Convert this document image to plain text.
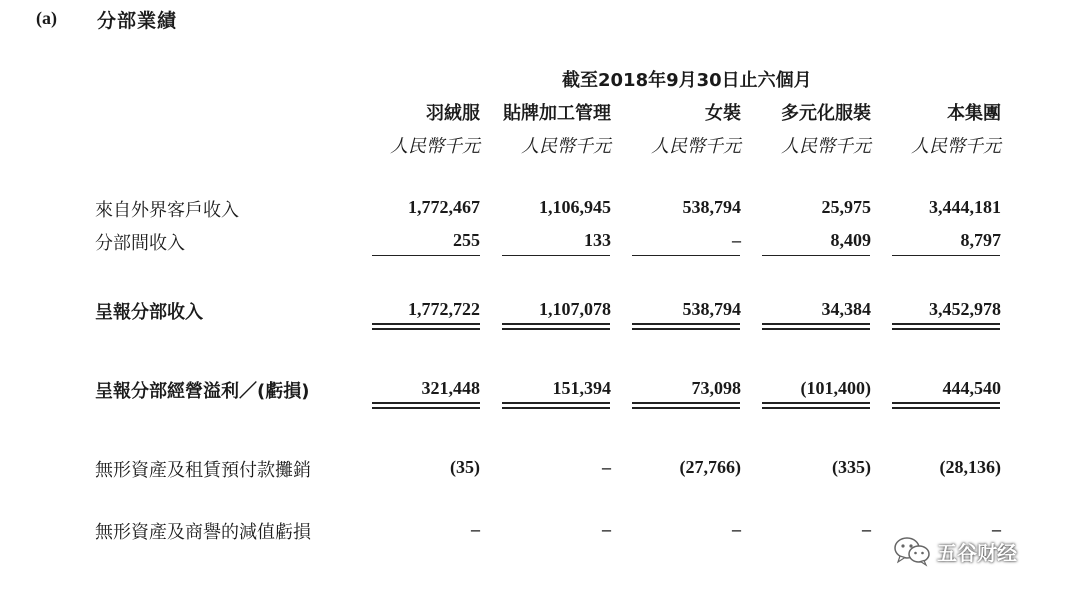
(a) 分部業績
截至2018年9月30日止六個月
羽絨服	貼牌加工管理	女裝	多元化服裝	本集團
人民幣千元	人民幣千元	人民幣千元	人民幣千元	人民幣千元
來自外界客戶收入	1,772,467	1,106,945	538,794	25,975	3,444,181
分部間收入	255	133	–	8,409	8,797
呈報分部收入	1,772,722	1,107,078	538,794	34,384	3,452,978
呈報分部經營溢利／(虧損)	321,448	151,394	73,098	(101,400)	444,540
無形資產及租賃預付款攤銷	(35)	–	(27,766)	(335)	(28,136)
無形資產及商譽的減值虧損	–	–	–	–	–
五谷财经
